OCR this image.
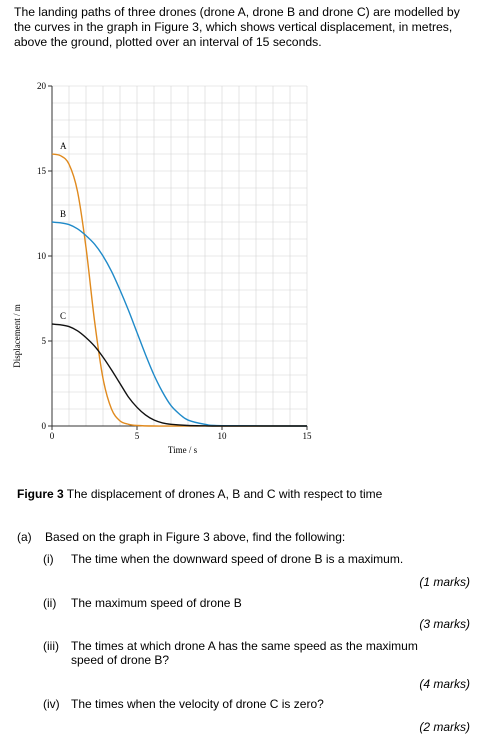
The landing paths of three drones (drone A, drone B and drone C) are modelled by the curves in the graph in Figure 3, which shows vertical displacement, in metres, above the ground, plotted over an interval of 15 seconds.

0	5	10	15
0
5
10
15
20
A
B
C
Time / s
Displacement / m

Figure 3 The displacement of drones A, B and C with respect to time

(a) Based on the graph in Figure 3 above, find the following:

(i) The time when the downward speed of drone B is a maximum.

(1 marks)

(ii) The maximum speed of drone B

(3 marks)

(iii) The times at which drone A has the same speed as the maximum speed of drone B?

(4 marks)

(iv) The times when the velocity of drone C is zero?

(2 marks)
